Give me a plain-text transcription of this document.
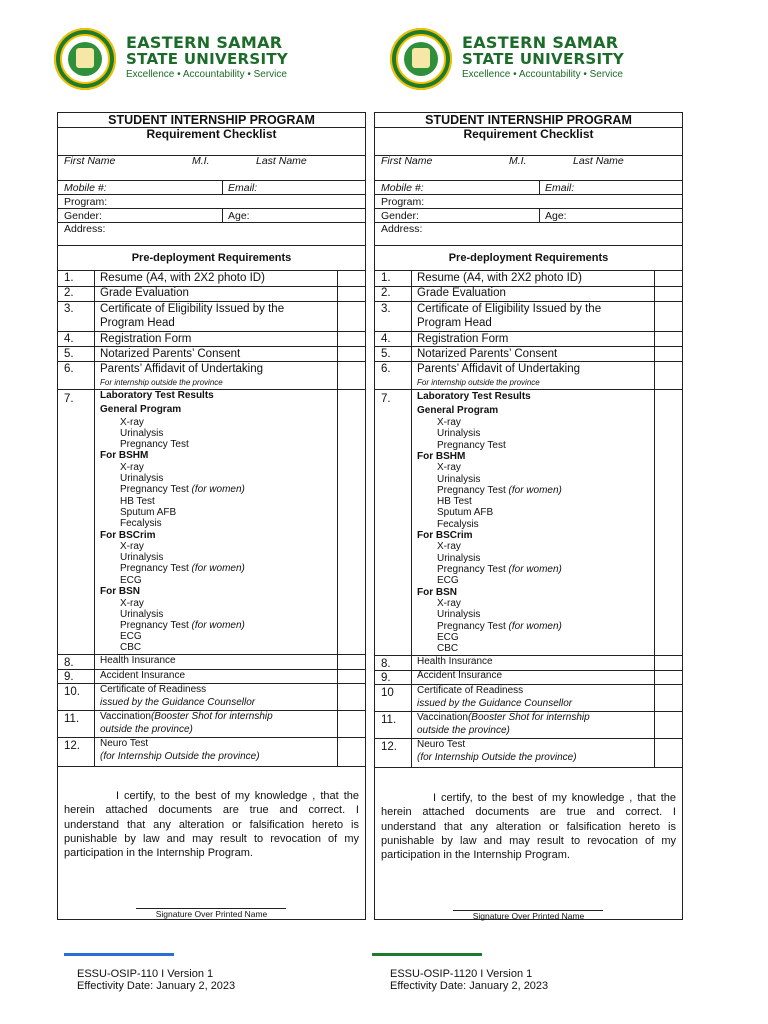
EASTERN SAMAR
STATE UNIVERSITY
Excellence • Accountability • Service
EASTERN SAMAR
STATE UNIVERSITY
Excellence • Accountability • Service
STUDENT INTERNSHIP PROGRAM
Requirement Checklist
First Name	M.I.	Last Name
Mobile #:	Email:
Program:
Gender:	Age:
Address:
Pre-deployment Requirements
1. Resume (A4, with 2X2 photo ID)
2. Grade Evaluation
3. Certificate of Eligibility Issued by the
Program Head
4. Registration Form
5. Notarized Parents’ Consent
6. Parents’ Affidavit of Undertaking
For internship outside the province
7.	Laboratory Test Results
General Program
X-ray
Urinalysis
Pregnancy Test
For BSHM
X-ray
Urinalysis
Pregnancy Test (for women)
HB Test
Sputum AFB
Fecalysis
For BSCrim
X-ray
Urinalysis
Pregnancy Test (for women)
ECG
For BSN
X-ray
Urinalysis
Pregnancy Test (for women)
ECG
CBC
8.	Health Insurance
9.	Accident Insurance
10. Certificate of Readiness
issued by the Guidance Counsellor
11. Vaccination(Booster Shot for internship
outside the province)
12. Neuro Test
(for Internship Outside the province)
I certify, to the best of my knowledge , that the herein attached documents are true and correct. I understand that any alteration or falsification hereto is punishable by law and may result to revocation of my participation in the Internship Program.
Signature Over Printed Name
STUDENT INTERNSHIP PROGRAM
Requirement Checklist
First Name	M.I.	Last Name
Mobile #:	Email:
Program:
Gender:	Age:
Address:
Pre-deployment Requirements
1. Resume (A4, with 2X2 photo ID)
2. Grade Evaluation
3. Certificate of Eligibility Issued by the
Program Head
4. Registration Form
5. Notarized Parents’ Consent
6. Parents’ Affidavit of Undertaking
For internship outside the province
7.	Laboratory Test Results
General Program
X-ray
Urinalysis
Pregnancy Test
For BSHM
X-ray
Urinalysis
Pregnancy Test (for women)
HB Test
Sputum AFB
Fecalysis
For BSCrim
X-ray
Urinalysis
Pregnancy Test (for women)
ECG
For BSN
X-ray
Urinalysis
Pregnancy Test (for women)
ECG
CBC
8.	Health Insurance
9.	Accident Insurance
10 Certificate of Readiness
issued by the Guidance Counsellor
11. Vaccination(Booster Shot for internship
outside the province)
12. Neuro Test
(for Internship Outside the province)
I certify, to the best of my knowledge , that the herein attached documents are true and correct. I understand that any alteration or falsification hereto is punishable by law and may result to revocation of my participation in the Internship Program.
Signature Over Printed Name
ESSU-OSIP-110 I Version 1
Effectivity Date: January 2, 2023
ESSU-OSIP-1120 I Version 1
Effectivity Date: January 2, 2023
